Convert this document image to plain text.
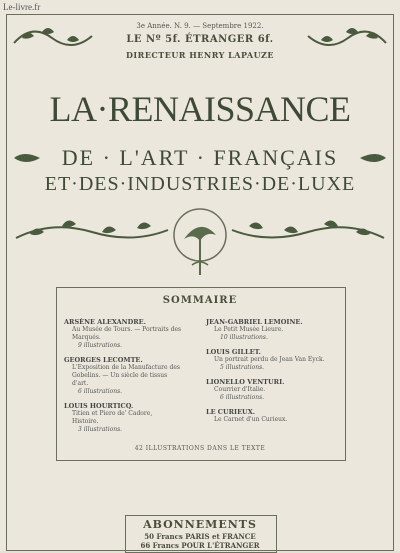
Le-livre.fr
3e Année. N. 9. — Septembre 1922.
LE Nº 5f. ÉTRANGER 6f.
DIRECTEUR HENRY LAPAUZE
LA·RENAISSANCE
DE · L'ART · FRANÇAIS
ET·DES·INDUSTRIES·DE·LUXE
SOMMAIRE
ARSÈNE ALEXANDRE.
Au Musée de Tours. — Portraits des
Marqués.
9 illustrations.
GEORGES LECOMTE.
L'Exposition de la Manufacture des
Gobelins. — Un siècle de tissus
d'art.
6 illustrations.
LOUIS HOURTICQ.
Titien et Piero de' Cadore,
Histoire.
3 illustrations.
JEAN-GABRIEL LEMOINE.
Le Petit Musée Lieure.
10 illustrations.
LOUIS GILLET.
Un portrait perdu de Jean Van Eyck.
5 illustrations.
LIONELLO VENTURI.
Courrier d'Italie.
6 illustrations.
LE CURIEUX.
Le Carnet d'un Curieux.
42 ILLUSTRATIONS DANS LE TEXTE
ABONNEMENTS
50 Francs PARIS et FRANCE
66 Francs POUR L'ÉTRANGER
